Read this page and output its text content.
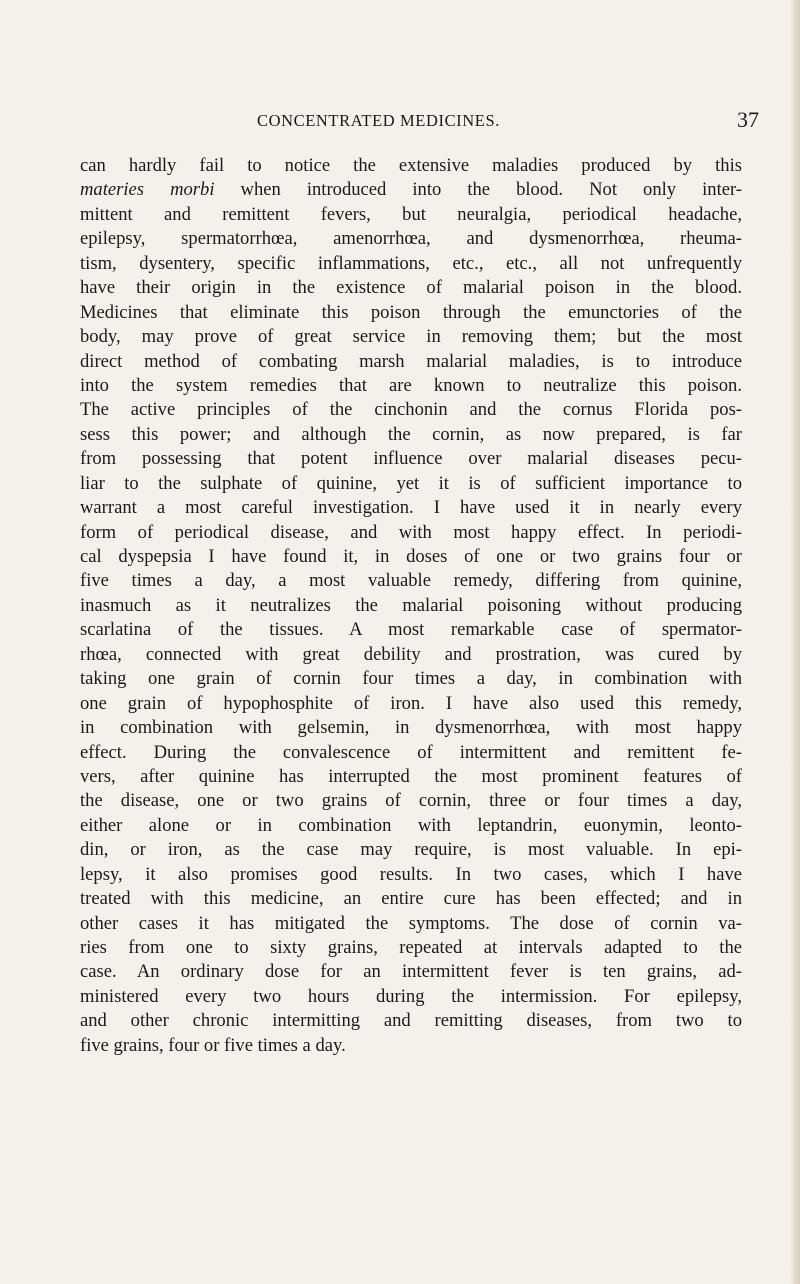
CONCENTRATED MEDICINES.	37
can hardly fail to notice the extensive maladies produced by this
materies morbi when introduced into the blood. Not only inter-
mittent and remittent fevers, but neuralgia, periodical headache,
epilepsy, spermatorrhœa, amenorrhœa, and dysmenorrhœa, rheuma-
tism, dysentery, specific inflammations, etc., etc., all not unfrequently
have their origin in the existence of malarial poison in the blood.
Medicines that eliminate this poison through the emunctories of the
body, may prove of great service in removing them; but the most
direct method of combating marsh malarial maladies, is to introduce
into the system remedies that are known to neutralize this poison.
The active principles of the cinchonin and the cornus Florida pos-
sess this power; and although the cornin, as now prepared, is far
from possessing that potent influence over malarial diseases pecu-
liar to the sulphate of quinine, yet it is of sufficient importance to
warrant a most careful investigation. I have used it in nearly every
form of periodical disease, and with most happy effect. In periodi-
cal dyspepsia I have found it, in doses of one or two grains four or
five times a day, a most valuable remedy, differing from quinine,
inasmuch as it neutralizes the malarial poisoning without producing
scarlatina of the tissues. A most remarkable case of spermator-
rhœa, connected with great debility and prostration, was cured by
taking one grain of cornin four times a day, in combination with
one grain of hypophosphite of iron. I have also used this remedy,
in combination with gelsemin, in dysmenorrhœa, with most happy
effect. During the convalescence of intermittent and remittent fe-
vers, after quinine has interrupted the most prominent features of
the disease, one or two grains of cornin, three or four times a day,
either alone or in combination with leptandrin, euonymin, leonto-
din, or iron, as the case may require, is most valuable. In epi-
lepsy, it also promises good results. In two cases, which I have
treated with this medicine, an entire cure has been effected; and in
other cases it has mitigated the symptoms. The dose of cornin va-
ries from one to sixty grains, repeated at intervals adapted to the
case. An ordinary dose for an intermittent fever is ten grains, ad-
ministered every two hours during the intermission. For epilepsy,
and other chronic intermitting and remitting diseases, from two to
five grains, four or five times a day.
